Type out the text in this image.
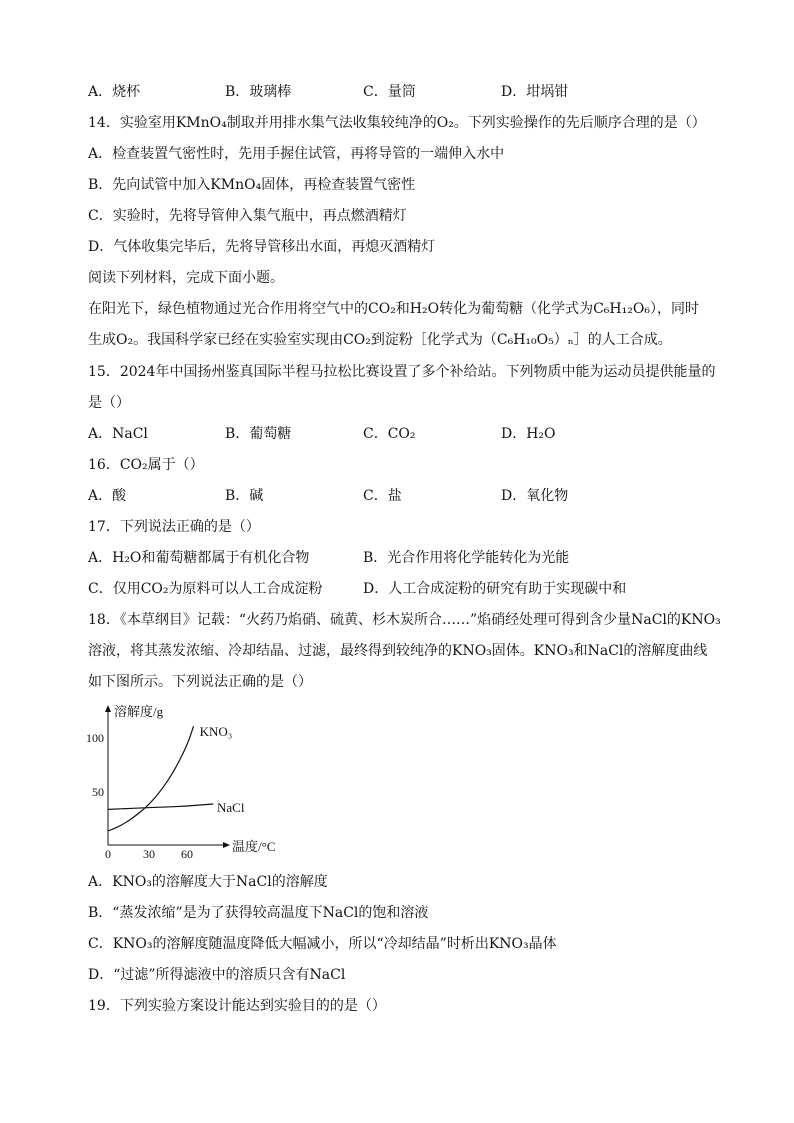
A．烧杯	B．玻璃棒	C．量筒	D．坩埚钳
14．实验室用KMnO₄制取并用排水集气法收集较纯净的O₂。下列实验操作的先后顺序合理的是（）
A．检查装置气密性时，先用手握住试管，再将导管的一端伸入水中
B．先向试管中加入KMnO₄固体，再检查装置气密性
C．实验时，先将导管伸入集气瓶中，再点燃酒精灯
D．气体收集完毕后，先将导管移出水面，再熄灭酒精灯
阅读下列材料，完成下面小题。
在阳光下，绿色植物通过光合作用将空气中的CO₂和H₂O转化为葡萄糖（化学式为C₆H₁₂O₆），同时
生成O₂。我国科学家已经在实验室实现由CO₂到淀粉［化学式为（C₆H₁₀O₅）ₙ］的人工合成。
15．2024年中国扬州鉴真国际半程马拉松比赛设置了多个补给站。下列物质中能为运动员提供能量的
是（）
A．NaCl	B．葡萄糖	C．CO₂	D．H₂O
16．CO₂属于（）
A．酸	B．碱	C．盐	D．氧化物
17．下列说法正确的是（）
A．H₂O和葡萄糖都属于有机化合物	B．光合作用将化学能转化为光能
C．仅用CO₂为原料可以人工合成淀粉	D．人工合成淀粉的研究有助于实现碳中和
18．《本草纲目》记载：“火药乃焰硝、硫黄、杉木炭所合……”焰硝经处理可得到含少量NaCl的KNO₃
溶液，将其蒸发浓缩、冷却结晶、过滤，最终得到较纯净的KNO₃固体。KNO₃和NaCl的溶解度曲线
如下图所示。下列说法正确的是（）
溶解度/g
温度/°C
0	30 60
50
100	KNO₃
NaCl
A．KNO₃的溶解度大于NaCl的溶解度
B．“蒸发浓缩”是为了获得较高温度下NaCl的饱和溶液
C．KNO₃的溶解度随温度降低大幅减小，所以“冷却结晶”时析出KNO₃晶体
D．“过滤”所得滤液中的溶质只含有NaCl
19．下列实验方案设计能达到实验目的的是（）
